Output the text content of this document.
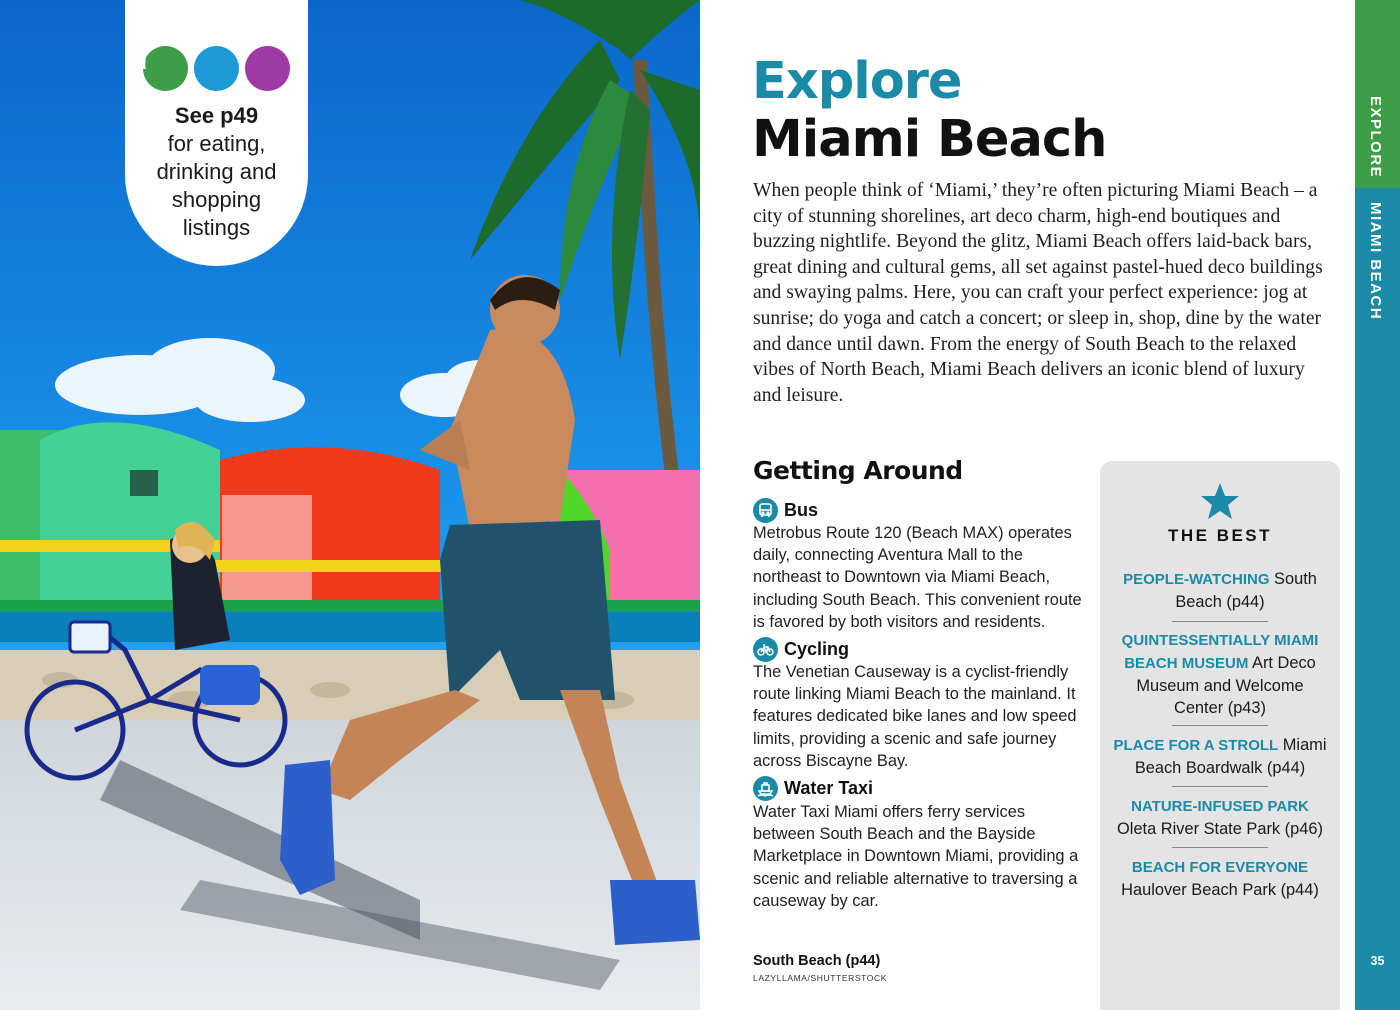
See p49
for eating,
drinking and
shopping
listings
Explore
Miami Beach

When people think of ‘Miami,’ they’re often picturing Miami Beach – a city of stunning shorelines, art deco charm, high-end boutiques and buzzing nightlife. Beyond the glitz, Miami Beach offers laid-back bars, great dining and cultural gems, all set against pastel-hued deco buildings and swaying palms. Here, you can craft your perfect experience: jog at sunrise; do yoga and catch a concert; or sleep in, shop, dine by the water and dance until dawn. From the energy of South Beach to the relaxed vibes of North Beach, Miami Beach delivers an iconic blend of luxury and leisure.

Getting Around
Bus

Metrobus Route 120 (Beach MAX) operates daily, connecting Aventura Mall to the northeast to Downtown via Miami Beach, including South Beach. This convenient route is favored by both visitors and residents.

Cycling

The Venetian Causeway is a cyclist-friendly route linking Miami Beach to the mainland. It features dedicated bike lanes and low speed limits, providing a scenic and safe journey across Biscayne Bay.

Water Taxi

Water Taxi Miami offers ferry services between South Beach and the Bayside Marketplace in Downtown Miami, providing a scenic and reliable alternative to traversing a causeway by car.

South Beach (p44)
LAZYLLAMA/SHUTTERSTOCK
THE BEST
PEOPLE-WATCHING South
Beach (p44)
QUINTESSENTIALLY MIAMI
BEACH MUSEUM Art Deco
Museum and Welcome
Center (p43)
PLACE FOR A STROLL Miami
Beach Boardwalk (p44)
NATURE-INFUSED PARK
Oleta River State Park (p46)
BEACH FOR EVERYONE
Haulover Beach Park (p44)
EXPLORE
MIAMI BEACH
35
